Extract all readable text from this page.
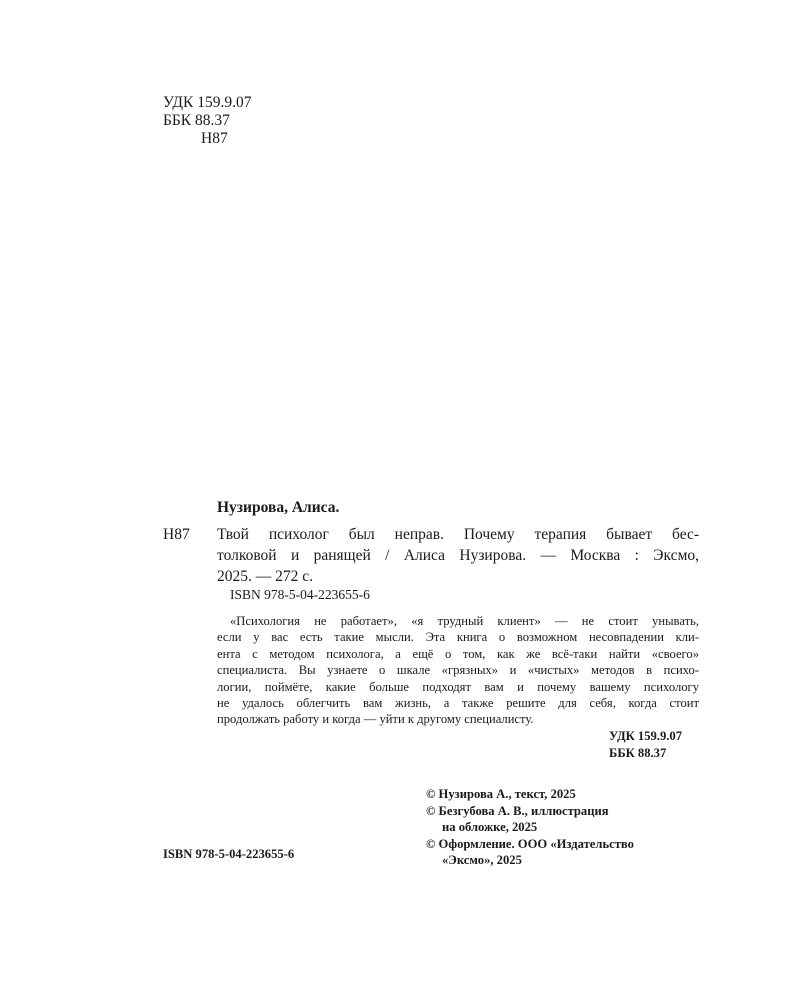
УДК 159.9.07
ББК 88.37
Н87
Нузирова, Алиса.
Н87 Твой психолог был неправ. Почему терапия бывает бес-
толковой и ранящей / Алиса Нузирова. — Москва : Эксмо,
2025. — 272 с.
ISBN 978-5-04-223655-6
«Психология не работает», «я трудный клиент» — не стоит унывать,
если у вас есть такие мысли. Эта книга о возможном несовпадении кли-
ента с методом психолога, а ещё о том, как же всё-таки найти «своего»
специалиста. Вы узнаете о шкале «грязных» и «чистых» методов в психо-
логии, поймёте, какие больше подходят вам и почему вашему психологу
не удалось облегчить вам жизнь, а также решите для себя, когда стоит
продолжать работу и когда — уйти к другому специалисту.
УДК 159.9.07
ББК 88.37
© Нузирова А., текст, 2025
© Безгубова А. В., иллюстрация
на обложке, 2025
© Оформление. ООО «Издательство
«Эксмо», 2025
ISBN 978-5-04-223655-6
